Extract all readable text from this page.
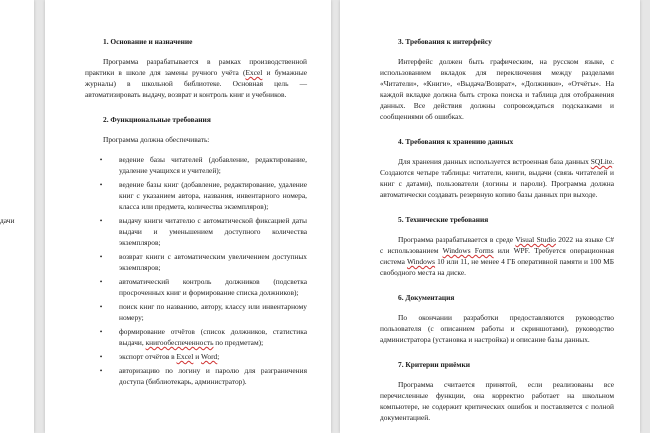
дачи
1. Основание и назначение
Программа разрабатывается в рамках производственной практики в школе для замены ручного учёта (Excel и бумажные журналы) в школьной библиотеке. Основная цель — автоматизировать выдачу, возврат и контроль книг и учебников.
2. Функциональные требования
Программа должна обеспечивать:
•	ведение базы читателей (добавление, редактирование, удаление учащихся и учителей);
•	ведение базы книг (добавление, редактирование, удаление книг с указанием автора, названия, инвентарного номера, класса или предмета, количества экземпляров);
•	выдачу книги читателю с автоматической фиксацией даты выдачи и уменьшением доступного количества экземпляров;
•	возврат книги с автоматическим увеличением доступных экземпляров;
•	автоматический контроль должников (подсветка просроченных книг и формирование списка должников);
•	поиск книг по названию, автору, классу или инвентарному номеру;
•	формирование отчётов (список должников, статистика выдачи, книгообеспеченность по предметам);
•	экспорт отчётов в Excel и Word;
•	авторизацию по логину и паролю для разграничения доступа (библиотекарь, администратор).
3. Требования к интерфейсу
Интерфейс должен быть графическим, на русском языке, с использованием вкладок для переключения между разделами «Читатели», «Книги», «Выдача/Возврат», «Должники», «Отчёты». На каждой вкладке должна быть строка поиска и таблица для отображения данных. Все действия должны сопровождаться подсказками и сообщениями об ошибках.
4. Требования к хранению данных
Для хранения данных используется встроенная база данных SQLite. Создаются четыре таблицы: читатели, книги, выдачи (связь читателей и книг с датами), пользователи (логины и пароли). Программа должна автоматически создавать резервную копию базы данных при выходе.
5. Технические требования
Программа разрабатывается в среде Visual Studio 2022 на языке C# с использованием Windows Forms или WPF. Требуется операционная система Windows 10 или 11, не менее 4 ГБ оперативной памяти и 100 МБ свободного места на диске.
6. Документация
По окончании разработки предоставляются руководство пользователя (с описанием работы и скриншотами), руководство администратора (установка и настройка) и описание базы данных.
7. Критерии приёмки
Программа считается принятой, если реализованы все перечисленные функции, она корректно работает на школьном компьютере, не содержит критических ошибок и поставляется с полной документацией.
